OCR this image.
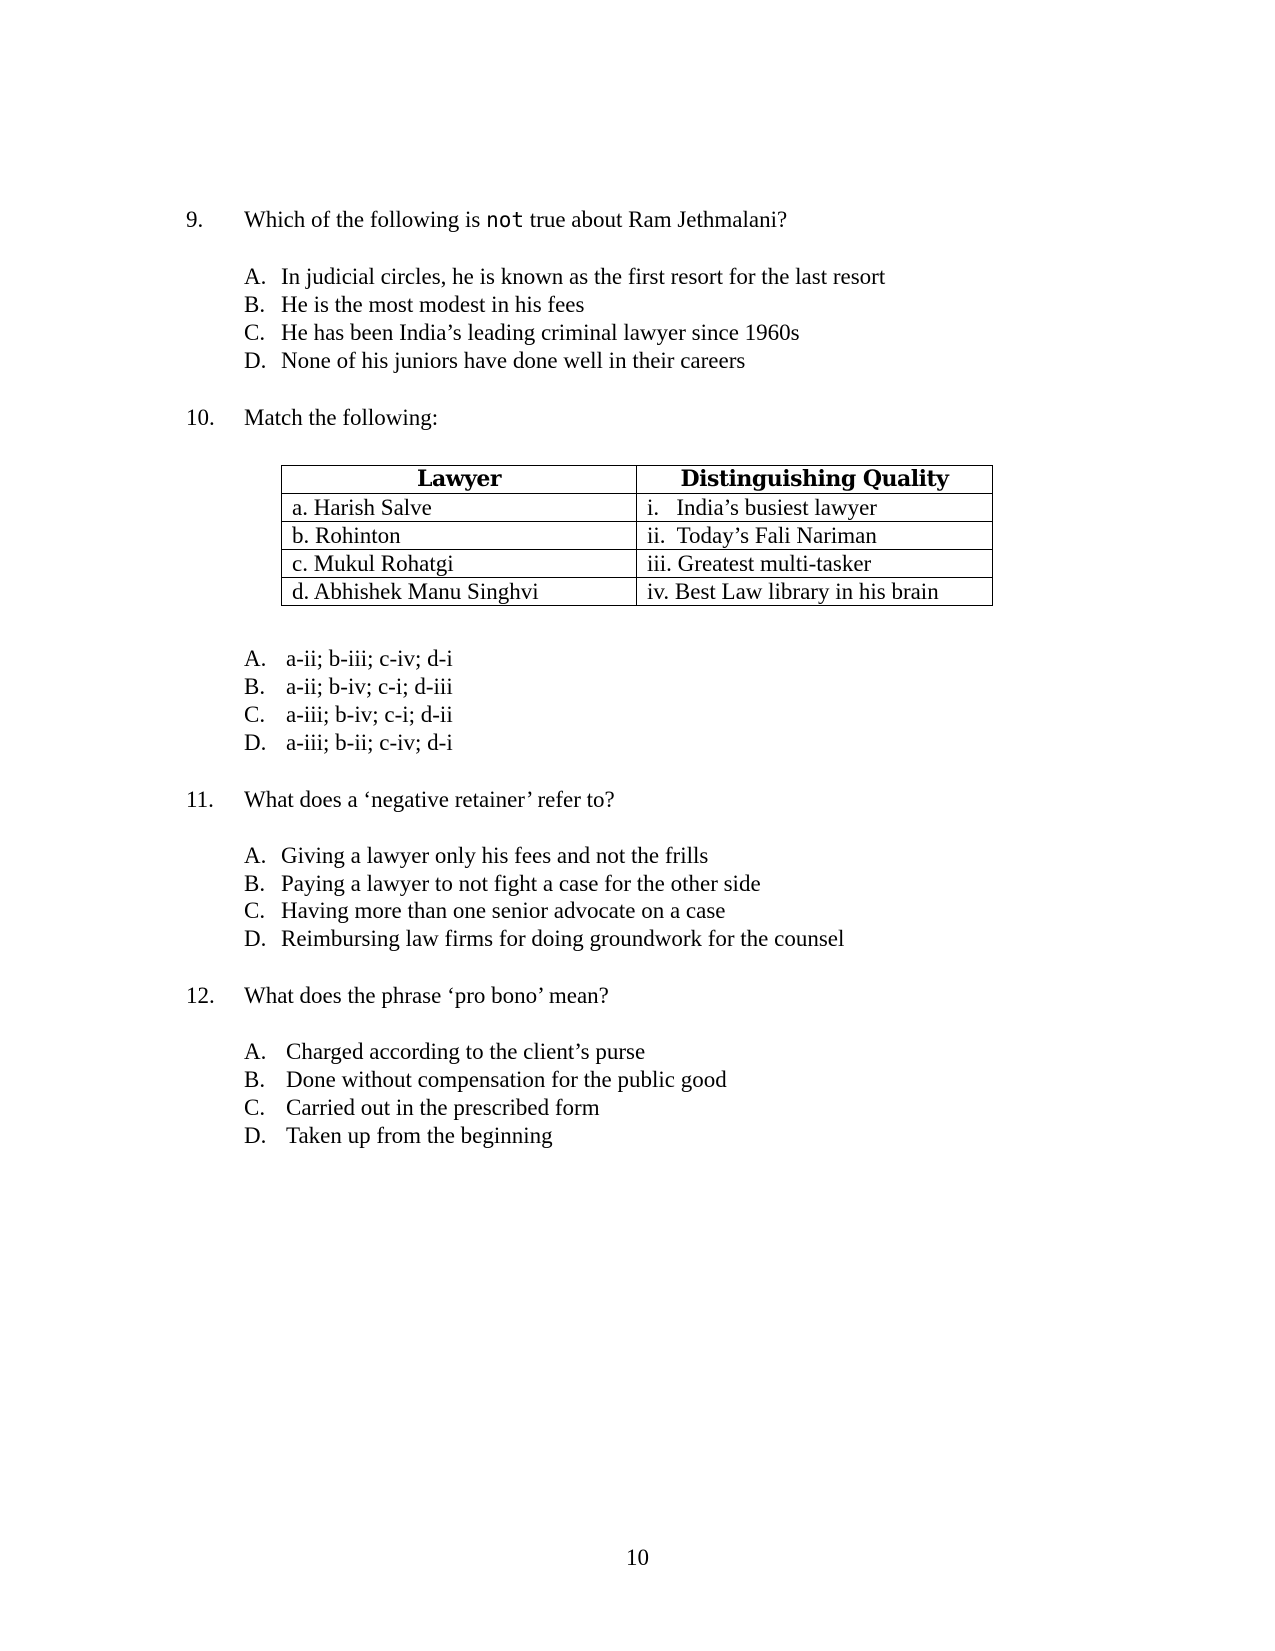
9. Which of the following is not true about Ram Jethmalani?
A. In judicial circles, he is known as the first resort for the last resort
B. He is the most modest in his fees
C. He has been India’s leading criminal lawyer since 1960s
D. None of his juniors have done well in their careers
10. Match the following:
Lawyer	Distinguishing Quality
a. Harish Salve	i.   India’s busiest lawyer
b. Rohinton	ii.  Today’s Fali Nariman
c. Mukul Rohatgi	iii. Greatest multi-tasker
d. Abhishek Manu Singhvi	iv. Best Law library in his brain
A. a-ii; b-iii; c-iv; d-i
B. a-ii; b-iv; c-i; d-iii
C. a-iii; b-iv; c-i; d-ii
D. a-iii; b-ii; c-iv; d-i
11. What does a ‘negative retainer’ refer to?
A. Giving a lawyer only his fees and not the frills
B. Paying a lawyer to not fight a case for the other side
C. Having more than one senior advocate on a case
D. Reimbursing law firms for doing groundwork for the counsel
12. What does the phrase ‘pro bono’ mean?
A. Charged according to the client’s purse
B. Done without compensation for the public good
C. Carried out in the prescribed form
D. Taken up from the beginning
10
